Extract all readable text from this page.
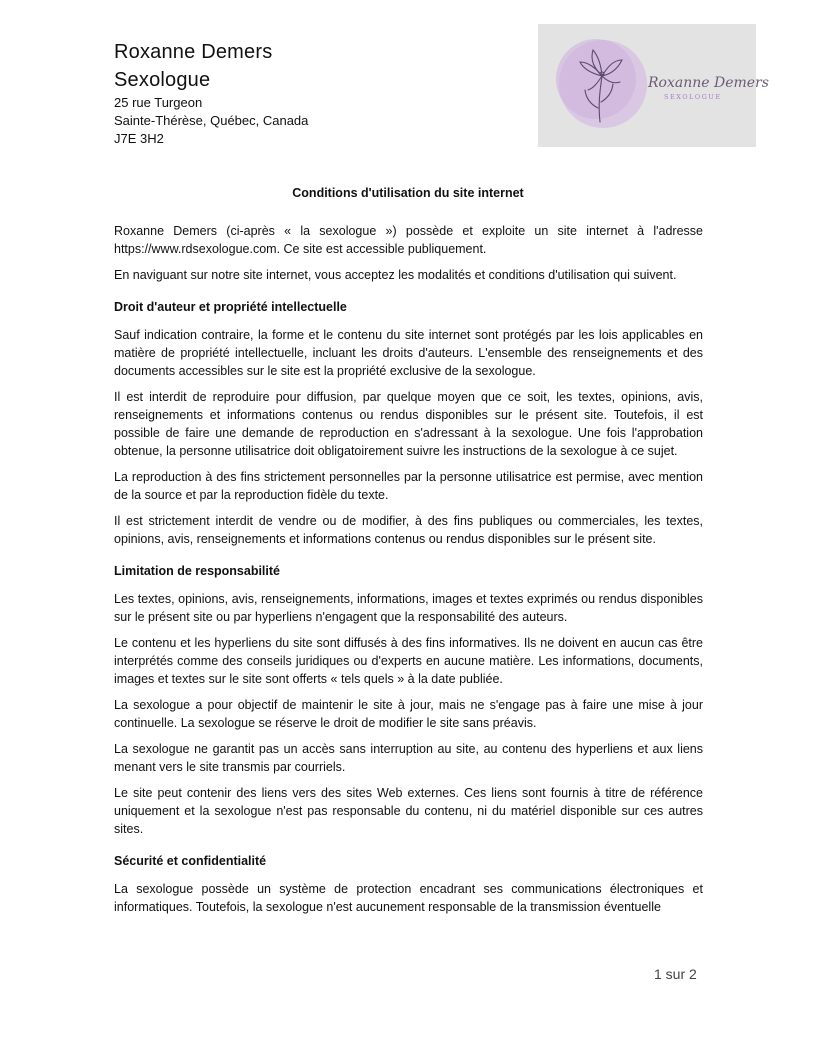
Roxanne Demers
Sexologue
25 rue Turgeon
Sainte-Thérèse, Québec, Canada
J7E 3H2
Roxanne Demers
SEXOLOGUE
Conditions d'utilisation du site internet

Roxanne Demers (ci-après « la sexologue ») possède et exploite un site internet à l'adresse https://www.rdsexologue.com. Ce site est accessible publiquement.

En naviguant sur notre site internet, vous acceptez les modalités et conditions d'utilisation qui suivent.

Droit d'auteur et propriété intellectuelle

Sauf indication contraire, la forme et le contenu du site internet sont protégés par les lois applicables en matière de propriété intellectuelle, incluant les droits d'auteurs. L'ensemble des renseignements et des documents accessibles sur le site est la propriété exclusive de la sexologue.

Il est interdit de reproduire pour diffusion, par quelque moyen que ce soit, les textes, opinions, avis, renseignements et informations contenus ou rendus disponibles sur le présent site. Toutefois, il est possible de faire une demande de reproduction en s'adressant à la sexologue. Une fois l'approbation obtenue, la personne utilisatrice doit obligatoirement suivre les instructions de la sexologue à ce sujet.

La reproduction à des fins strictement personnelles par la personne utilisatrice est permise, avec mention de la source et par la reproduction fidèle du texte.

Il est strictement interdit de vendre ou de modifier, à des fins publiques ou commerciales, les textes, opinions, avis, renseignements et informations contenus ou rendus disponibles sur le présent site.

Limitation de responsabilité

Les textes, opinions, avis, renseignements, informations, images et textes exprimés ou rendus disponibles sur le présent site ou par hyperliens n'engagent que la responsabilité des auteurs.

Le contenu et les hyperliens du site sont diffusés à des fins informatives. Ils ne doivent en aucun cas être interprétés comme des conseils juridiques ou d'experts en aucune matière. Les informations, documents, images et textes sur le site sont offerts « tels quels » à la date publiée.

La sexologue a pour objectif de maintenir le site à jour, mais ne s'engage pas à faire une mise à jour continuelle. La sexologue se réserve le droit de modifier le site sans préavis.

La sexologue ne garantit pas un accès sans interruption au site, au contenu des hyperliens et aux liens menant vers le site transmis par courriels.

Le site peut contenir des liens vers des sites Web externes. Ces liens sont fournis à titre de référence uniquement et la sexologue n'est pas responsable du contenu, ni du matériel disponible sur ces autres sites.

Sécurité et confidentialité

La sexologue possède un système de protection encadrant ses communications électroniques et informatiques. Toutefois, la sexologue n'est aucunement responsable de la transmission éventuelle

1 sur 2
